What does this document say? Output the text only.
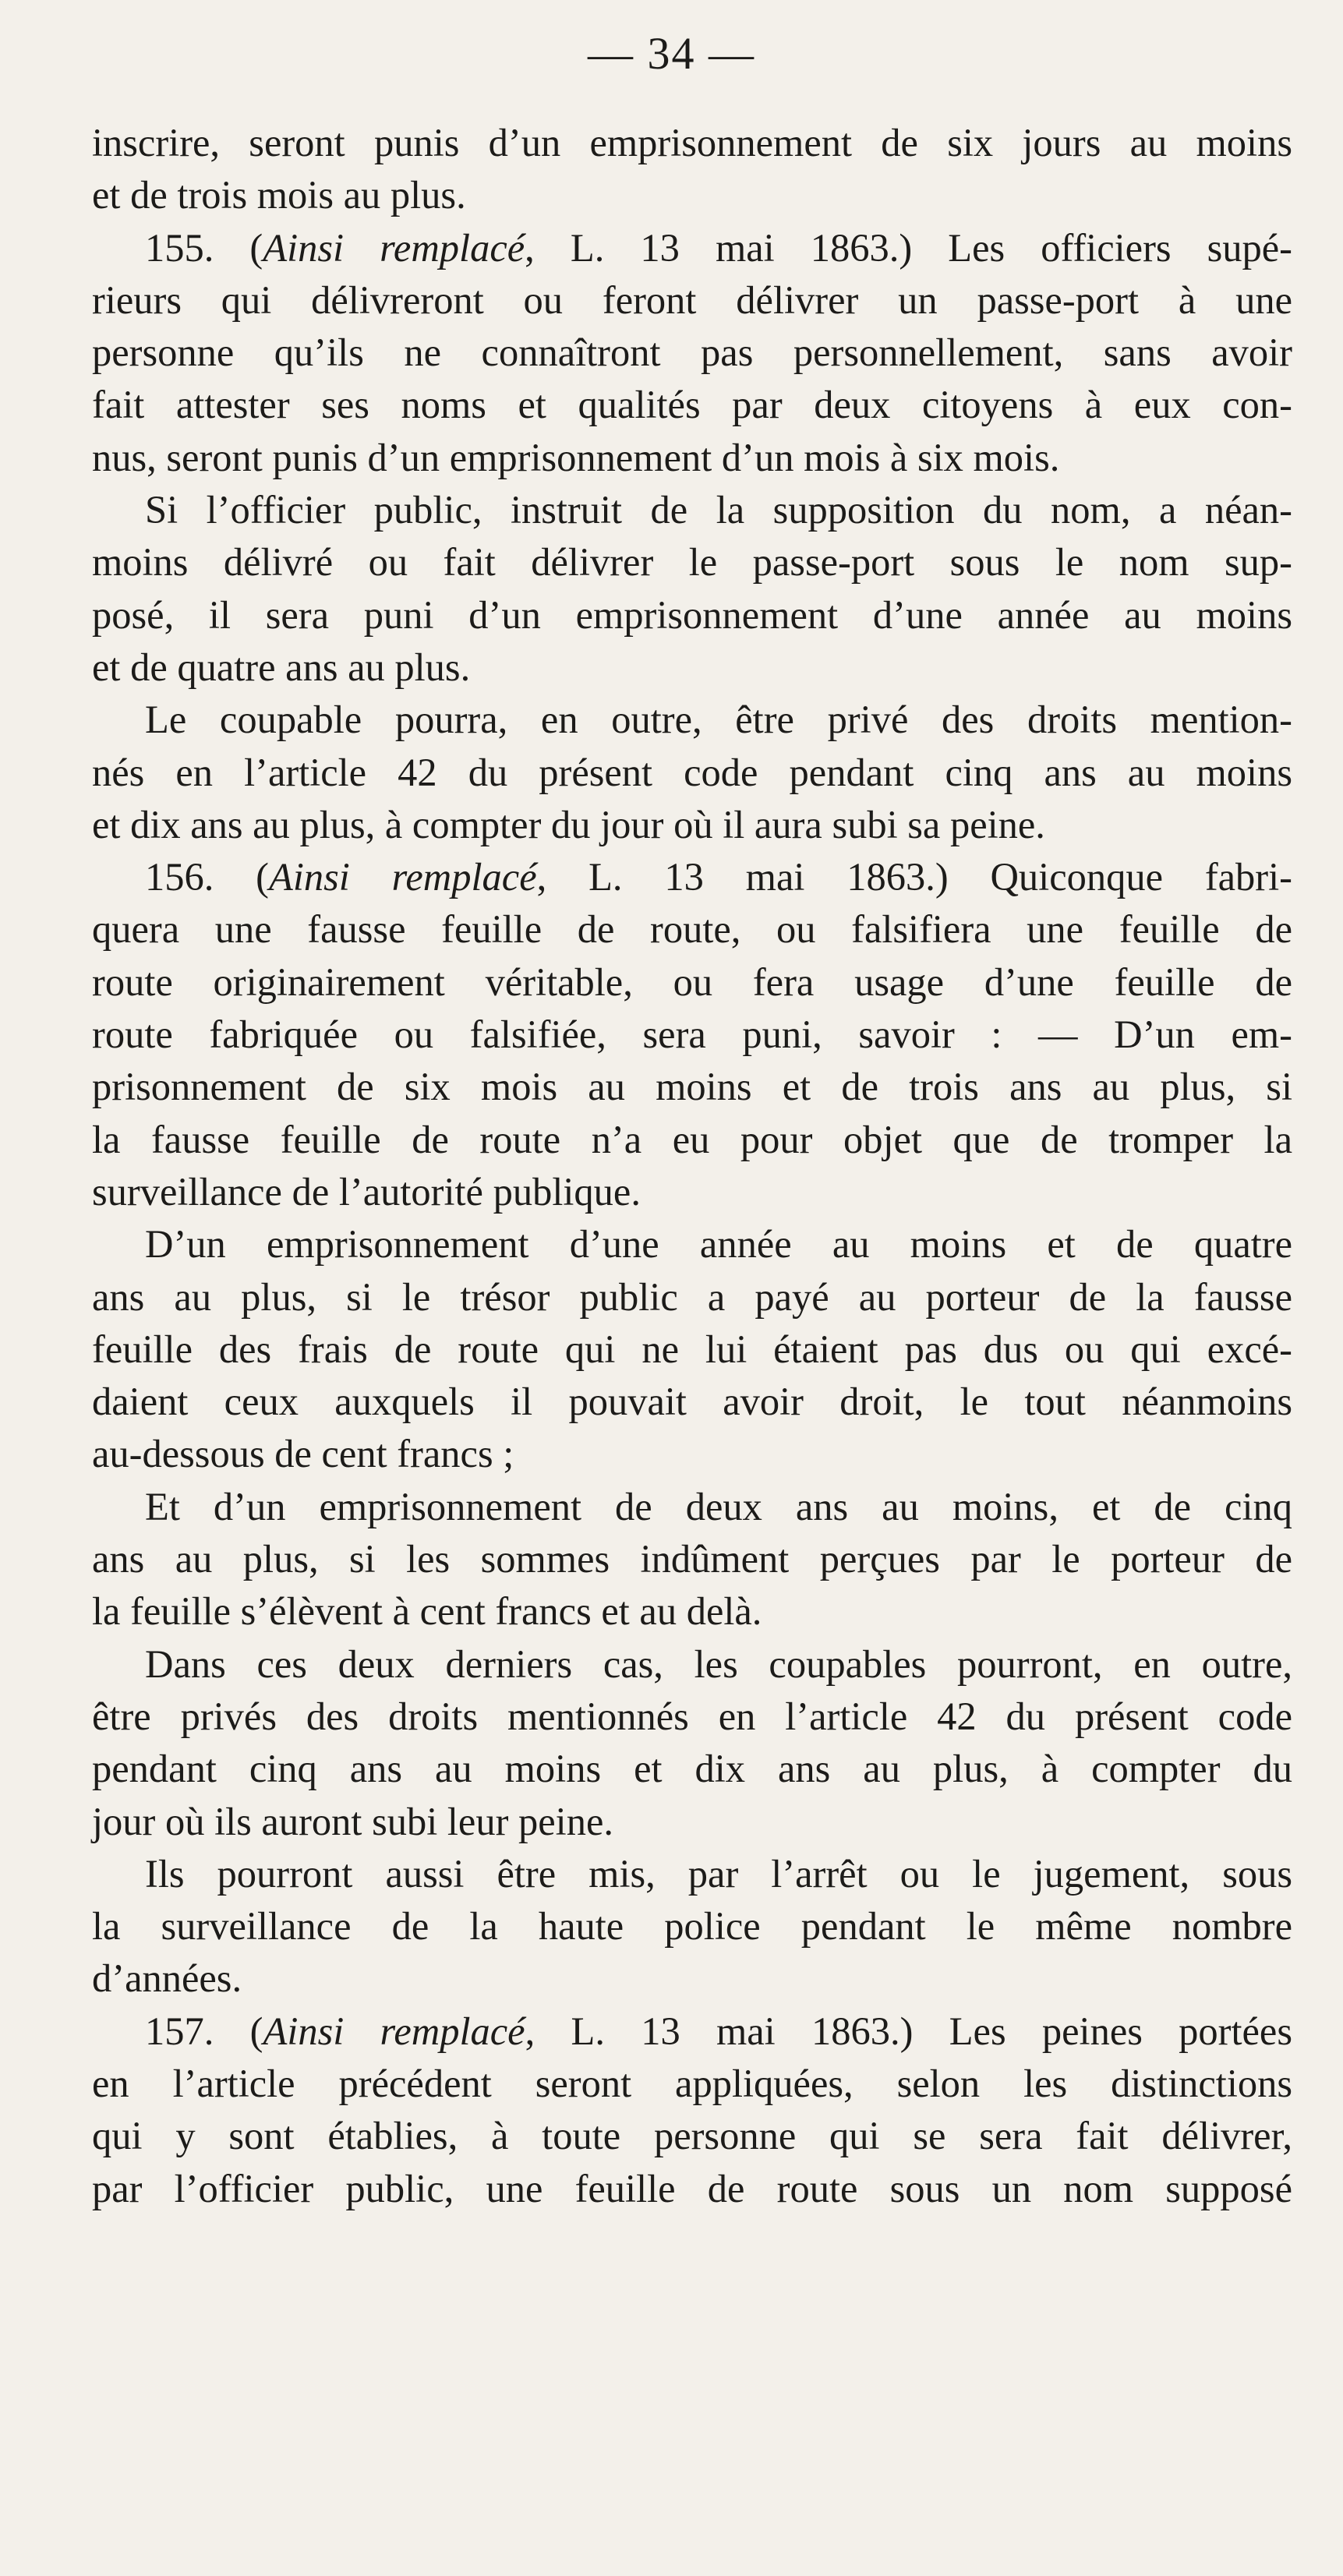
— 34 —
inscrire, seront punis d’un emprisonnement de six jours au moins
et de trois mois au plus.
155. (Ainsi remplacé, L. 13 mai 1863.) Les officiers supé-
rieurs qui délivreront ou feront délivrer un passe-port à une
personne qu’ils ne connaîtront pas personnellement, sans avoir
fait attester ses noms et qualités par deux citoyens à eux con-
nus, seront punis d’un emprisonnement d’un mois à six mois.
Si l’officier public, instruit de la supposition du nom, a néan-
moins délivré ou fait délivrer le passe-port sous le nom sup-
posé, il sera puni d’un emprisonnement d’une année au moins
et de quatre ans au plus.
Le coupable pourra, en outre, être privé des droits mention-
nés en l’article 42 du présent code pendant cinq ans au moins
et dix ans au plus, à compter du jour où il aura subi sa peine.
156. (Ainsi remplacé, L. 13 mai 1863.) Quiconque fabri-
quera une fausse feuille de route, ou falsifiera une feuille de
route originairement véritable, ou fera usage d’une feuille de
route fabriquée ou falsifiée, sera puni, savoir : — D’un em-
prisonnement de six mois au moins et de trois ans au plus, si
la fausse feuille de route n’a eu pour objet que de tromper la
surveillance de l’autorité publique.
D’un emprisonnement d’une année au moins et de quatre
ans au plus, si le trésor public a payé au porteur de la fausse
feuille des frais de route qui ne lui étaient pas dus ou qui excé-
daient ceux auxquels il pouvait avoir droit, le tout néanmoins
au-dessous de cent francs ;
Et d’un emprisonnement de deux ans au moins, et de cinq
ans au plus, si les sommes indûment perçues par le porteur de
la feuille s’élèvent à cent francs et au delà.
Dans ces deux derniers cas, les coupables pourront, en outre,
être privés des droits mentionnés en l’article 42 du présent code
pendant cinq ans au moins et dix ans au plus, à compter du
jour où ils auront subi leur peine.
Ils pourront aussi être mis, par l’arrêt ou le jugement, sous
la surveillance de la haute police pendant le même nombre
d’années.
157. (Ainsi remplacé, L. 13 mai 1863.) Les peines portées
en l’article précédent seront appliquées, selon les distinctions
qui y sont établies, à toute personne qui se sera fait délivrer,
par l’officier public, une feuille de route sous un nom supposé
